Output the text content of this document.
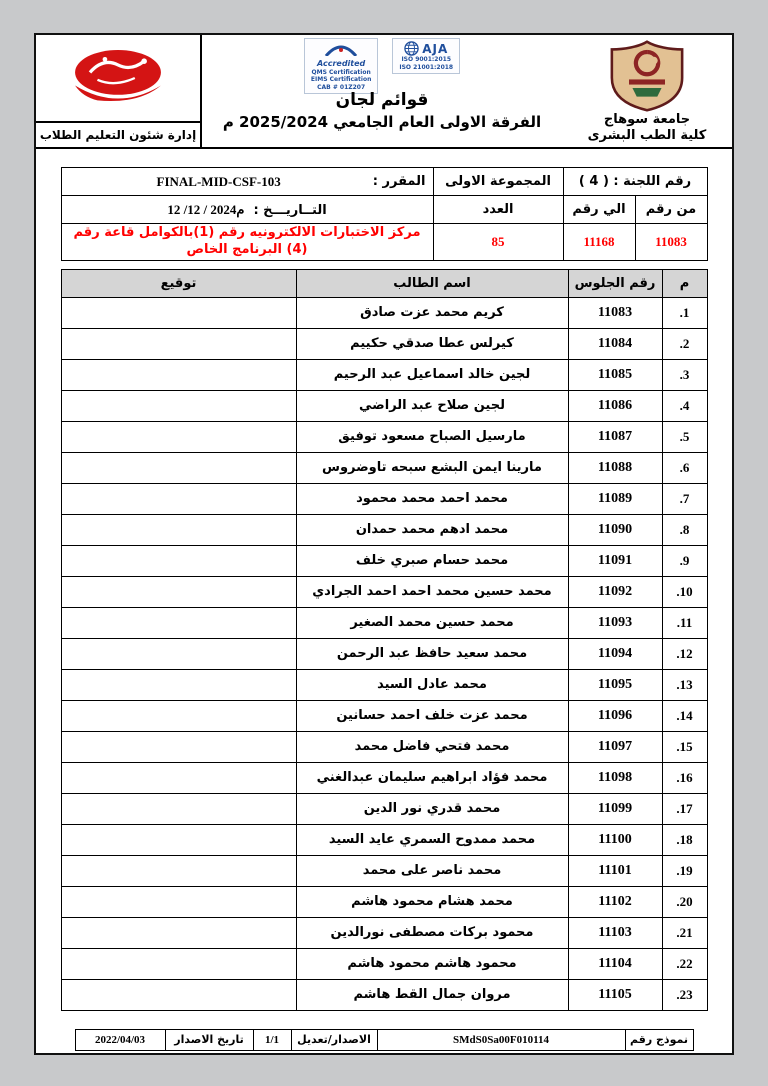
جامعة سوهاج
كلية الطب البشرى
Accredited
QMS Certification
EIMS Certification
CAB # 01Z207
AJA
ISO 9001:2015
ISO 21001:2018
قوائم لجان
الفرقة الاولى العام الجامعي 2025/2024 م
إدارة شئون التعليم الطلاب
رقم اللجنة : ( 4 )		المجموعة الاولى	المقرر :
FINAL-MID-CSF-103

من رقم	الي رقم	العدد	التــاريـــخ :  12 /12 / 2024م
11083	11168	85	مركز الاختبارات الالكترونيه رقم (1)بالكوامل قاعة رقم (4) البرنامج الخاص
م	رقم الجلوس	اسم الطالب	توقيع
1.	11083	كريم محمد عزت صادق	
2.	11084	كيرلس عطا صدقي حكييم	
3.	11085	لجين خالد اسماعيل عبد الرحيم	
4.	11086	لجين صلاح عبد الراضي	
5.	11087	مارسيل الصباح مسعود توفيق	
6.	11088	مارينا ايمن البشع سبحه تاوضروس	
7.	11089	محمد احمد محمد محمود	
8.	11090	محمد ادهم محمد حمدان	
9.	11091	محمد حسام صبري خلف	
10.	11092	محمد حسين محمد احمد احمد الجرادي	
11.	11093	محمد حسين محمد الصغير	
12.	11094	محمد سعيد حافظ عبد الرحمن	
13.	11095	محمد عادل السيد	
14.	11096	محمد عزت خلف احمد حسانين	
15.	11097	محمد فتحي فاضل محمد	
16.	11098	محمد فؤاد ابراهيم سليمان عبدالغني	
17.	11099	محمد قدري نور الدين	
18.	11100	محمد ممدوح السمري عايد السيد	
19.	11101	محمد ناصر على محمد	
20.	11102	محمد هشام محمود هاشم	
21.	11103	محمود بركات مصطفى نورالدين	
22.	11104	محمود هاشم محمود هاشم	
23.	11105	مروان جمال القط هاشم	
نموذج رقم	SMdS0Sa00F010114	الاصدار/تعديل	1/1	تاريخ الاصدار	2022/04/03
